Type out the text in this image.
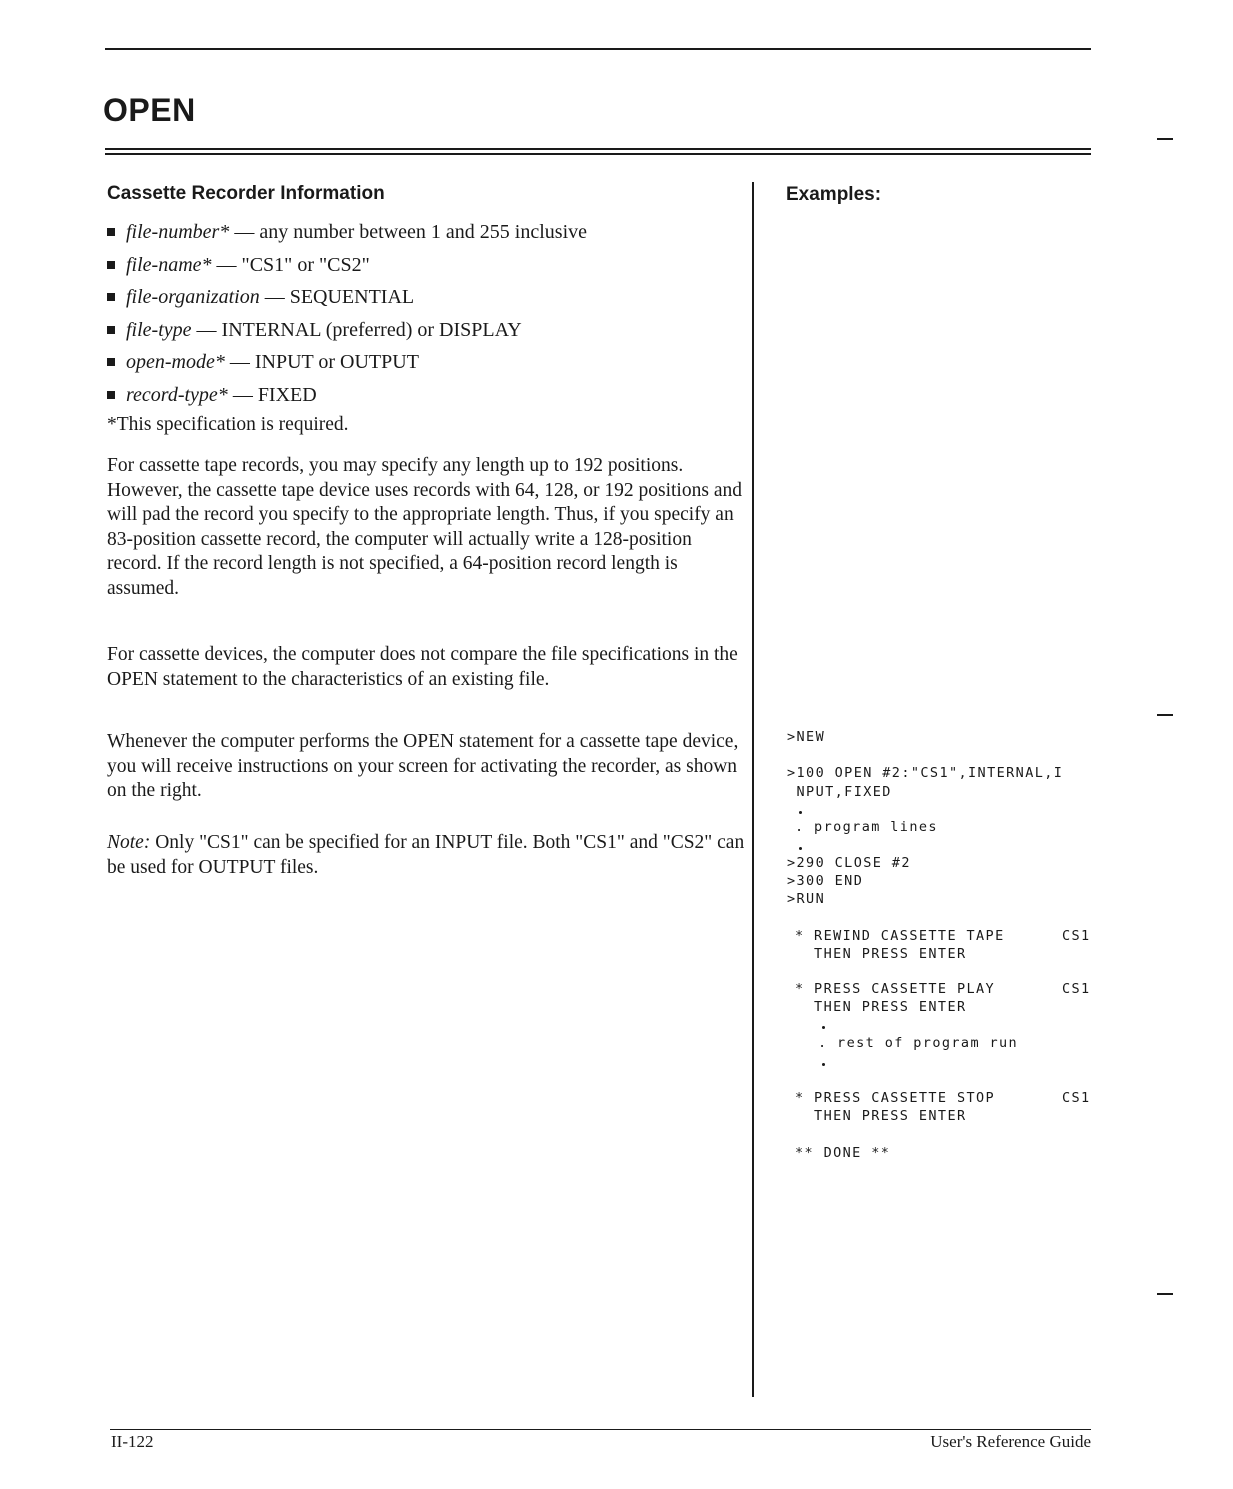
OPEN
Cassette Recorder Information
file-number* — any number between 1 and 255 inclusive
file-name* — "CS1" or "CS2"
file-organization — SEQUENTIAL
file-type — INTERNAL (preferred) or DISPLAY
open-mode* — INPUT or OUTPUT
record-type* — FIXED

*This specification is required.

For cassette tape records, you may specify any length up to 192 positions. However, the cassette tape device uses records with 64, 128, or 192 positions and will pad the record you specify to the appropriate length. Thus, if you specify an 83-position cassette record, the computer will actually write a 128-position record. If the record length is not specified, a 64-position record length is assumed.

For cassette devices, the computer does not compare the file specifications in the OPEN statement to the characteristics of an existing file.

Whenever the computer performs the OPEN statement for a cassette tape device, you will receive instructions on your screen for activating the recorder, as shown on the right.

Note: Only "CS1" can be specified for an INPUT file. Both "CS1" and "CS2" can be used for OUTPUT files.

Examples:
>NEW
>100 OPEN #2:"CS1",INTERNAL,I
NPUT,FIXED
. program lines
>290 CLOSE #2
>300 END
>RUN
* REWIND CASSETTE TAPE	CS1
THEN PRESS ENTER
* PRESS CASSETTE PLAY	CS1
THEN PRESS ENTER
. rest of program run
* PRESS CASSETTE STOP	CS1
THEN PRESS ENTER
** DONE **

II-122	User's Reference Guide
